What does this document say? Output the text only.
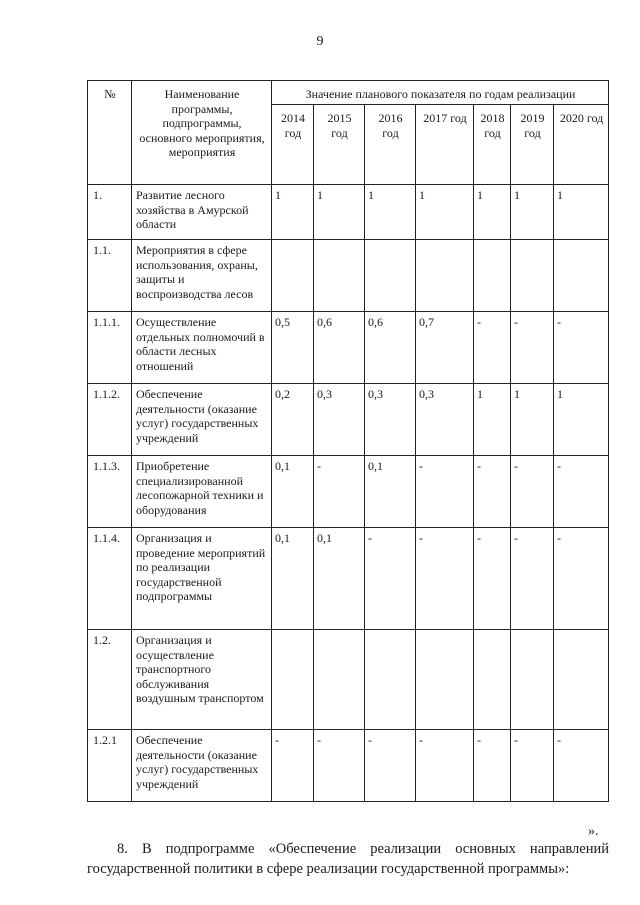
9
№	Наименование программы, подпрограммы, основного мероприятия, мероприятия	Значение планового показателя по годам реализации						
		2014 год	2015 год	2016 год	2017 год	2018 год	2019 год	2020 год
1.	Развитие лесного хозяйства в Амурской области	1	1	1	1	1	1	1
1.1.	Мероприятия в сфере использования, охраны, защиты и воспроизводства лесов							
1.1.1.	Осуществление отдельных полномочий в области лесных отношений	0,5	0,6	0,6	0,7	-	-	-
1.1.2.	Обеспечение деятельности (оказание услуг) государственных учреждений	0,2	0,3	0,3	0,3	1	1	1
1.1.3.	Приобретение специализированной лесопожарной техники и оборудования	0,1	-	0,1	-	-	-	-
1.1.4.	Организация и проведение мероприятий по реализации государственной подпрограммы	0,1	0,1	-	-	-	-	-
1.2.	Организация и осуществление транспортного обслуживания воздушным транспортом							
1.2.1	Обеспечение деятельности (оказание услуг) государственных учреждений	-	-	-	-	-	-	-
».
8. В подпрограмме «Обеспечение реализации основных направлений государственной политики в сфере реализации государственной программы»:
